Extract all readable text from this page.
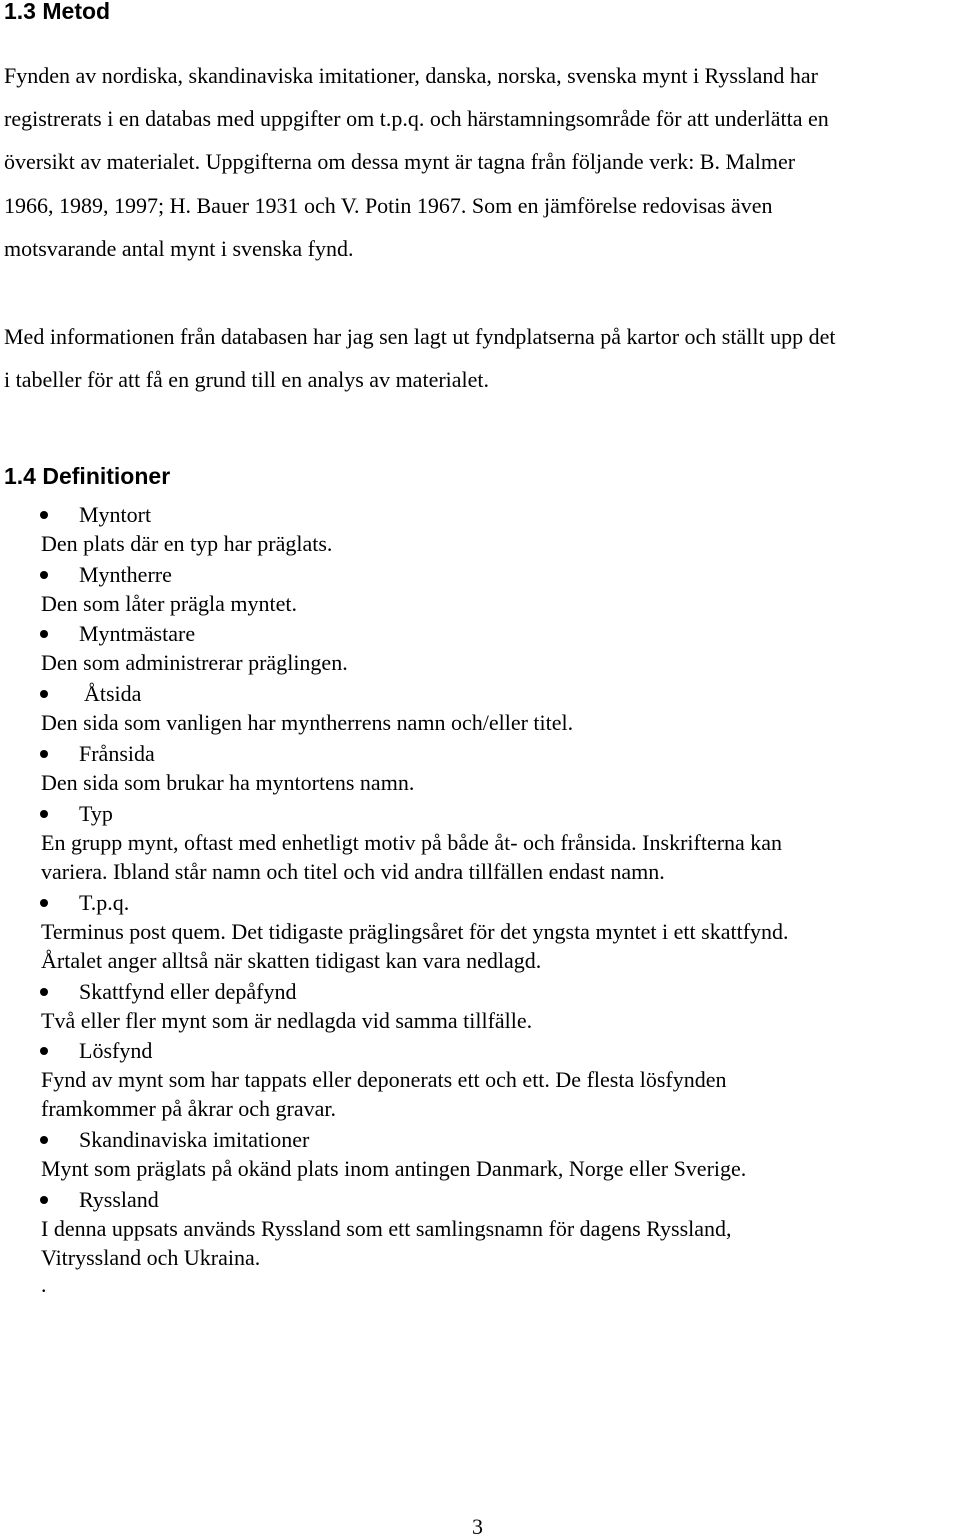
1.3 Metod

Fynden av nordiska, skandinaviska imitationer, danska, norska, svenska mynt i Ryssland har

registrerats i en databas med uppgifter om t.p.q. och härstamningsområde för att underlätta en

översikt av materialet. Uppgifterna om dessa mynt är tagna från följande verk: B. Malmer

1966, 1989, 1997; H. Bauer 1931 och V. Potin 1967. Som en jämförelse redovisas även

motsvarande antal mynt i svenska fynd.

Med informationen från databasen har jag sen lagt ut fyndplatserna på kartor och ställt upp det

i tabeller för att få en grund till en analys av materialet.

1.4 Definitioner
Myntort

Den plats där en typ har präglats.

Myntherre

Den som låter prägla myntet.

Myntmästare

Den som administrerar präglingen.

Åtsida

Den sida som vanligen har myntherrens namn och/eller titel.

Frånsida

Den sida som brukar ha myntortens namn.

Typ

En grupp mynt, oftast med enhetligt motiv på både åt- och frånsida. Inskrifterna kan

variera. Ibland står namn och titel och vid andra tillfällen endast namn.

T.p.q.

Terminus post quem. Det tidigaste präglingsåret för det yngsta myntet i ett skattfynd.

Årtalet anger alltså när skatten tidigast kan vara nedlagd.

Skattfynd eller depåfynd

Två eller fler mynt som är nedlagda vid samma tillfälle.

Lösfynd

Fynd av mynt som har tappats eller deponerats ett och ett. De flesta lösfynden

framkommer på åkrar och gravar.

Skandinaviska imitationer

Mynt som präglats på okänd plats inom antingen Danmark, Norge eller Sverige.

Ryssland

I denna uppsats används Ryssland som ett samlingsnamn för dagens Ryssland,

Vitryssland och Ukraina.

.

3
